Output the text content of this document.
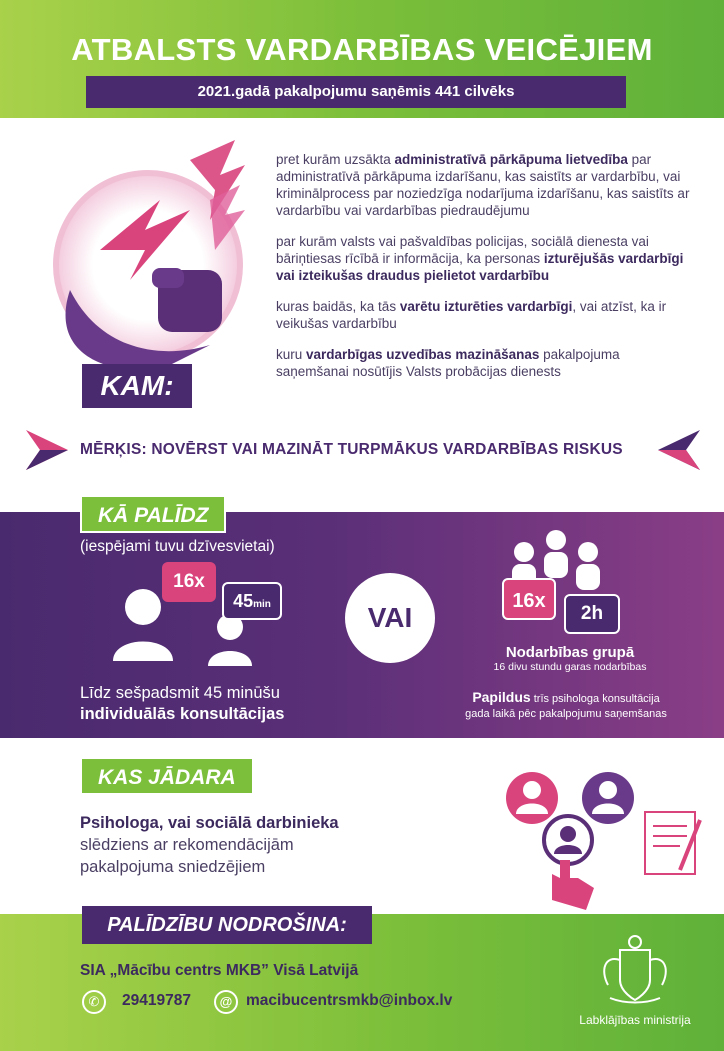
ATBALSTS VARDARBĪBAS VEICĒJIEM
2021.gadā pakalpojumu saņēmis 441 cilvēks
KAM:

pret kurām uzsākta administratīvā pārkāpuma lietvedība par administratīvā pārkāpuma izdarīšanu, kas saistīts ar vardarbību, vai kriminālprocess par noziedzīga nodarījuma izdarīšanu, kas saistīts ar vardarbību vai vardarbības piedraudējumu

par kurām valsts vai pašvaldības policijas, sociālā dienesta vai bāriņtiesas rīcībā ir informācija, ka personas izturējušās vardarbīgi vai izteikušas draudus pielietot vardarbību

kuras baidās, ka tās varētu izturēties vardarbīgi, vai atzīst, ka ir veikušas vardarbību

kuru vardarbīgas uzvedības mazināšanas pakalpojuma saņemšanai nosūtījis Valsts probācijas dienests

MĒRĶIS: NOVĒRST VAI MAZINĀT TURPMĀKUS VARDARBĪBAS RISKUS
KĀ PALĪDZ
(iespējami tuvu dzīvesvietai)
16x
45min
Līdz sešpadsmit 45 minūšu
individuālās konsultācijas
VAI
16x
2h
Nodarbības grupā
16 divu stundu garas nodarbības
Papildus trīs psihologa konsultācija
gada laikā pēc pakalpojumu saņemšanas
KAS JĀDARA
Psihologa, vai sociālā darbinieka
slēdziens ar rekomendācijām
pakalpojuma sniedzējiem
PALĪDZĪBU NODROŠINA:
SIA „Mācību centrs MKB” Visā Latvijā
✆	29419787	@ macibucentrsmkb@inbox.lv
Labklājības ministrija
